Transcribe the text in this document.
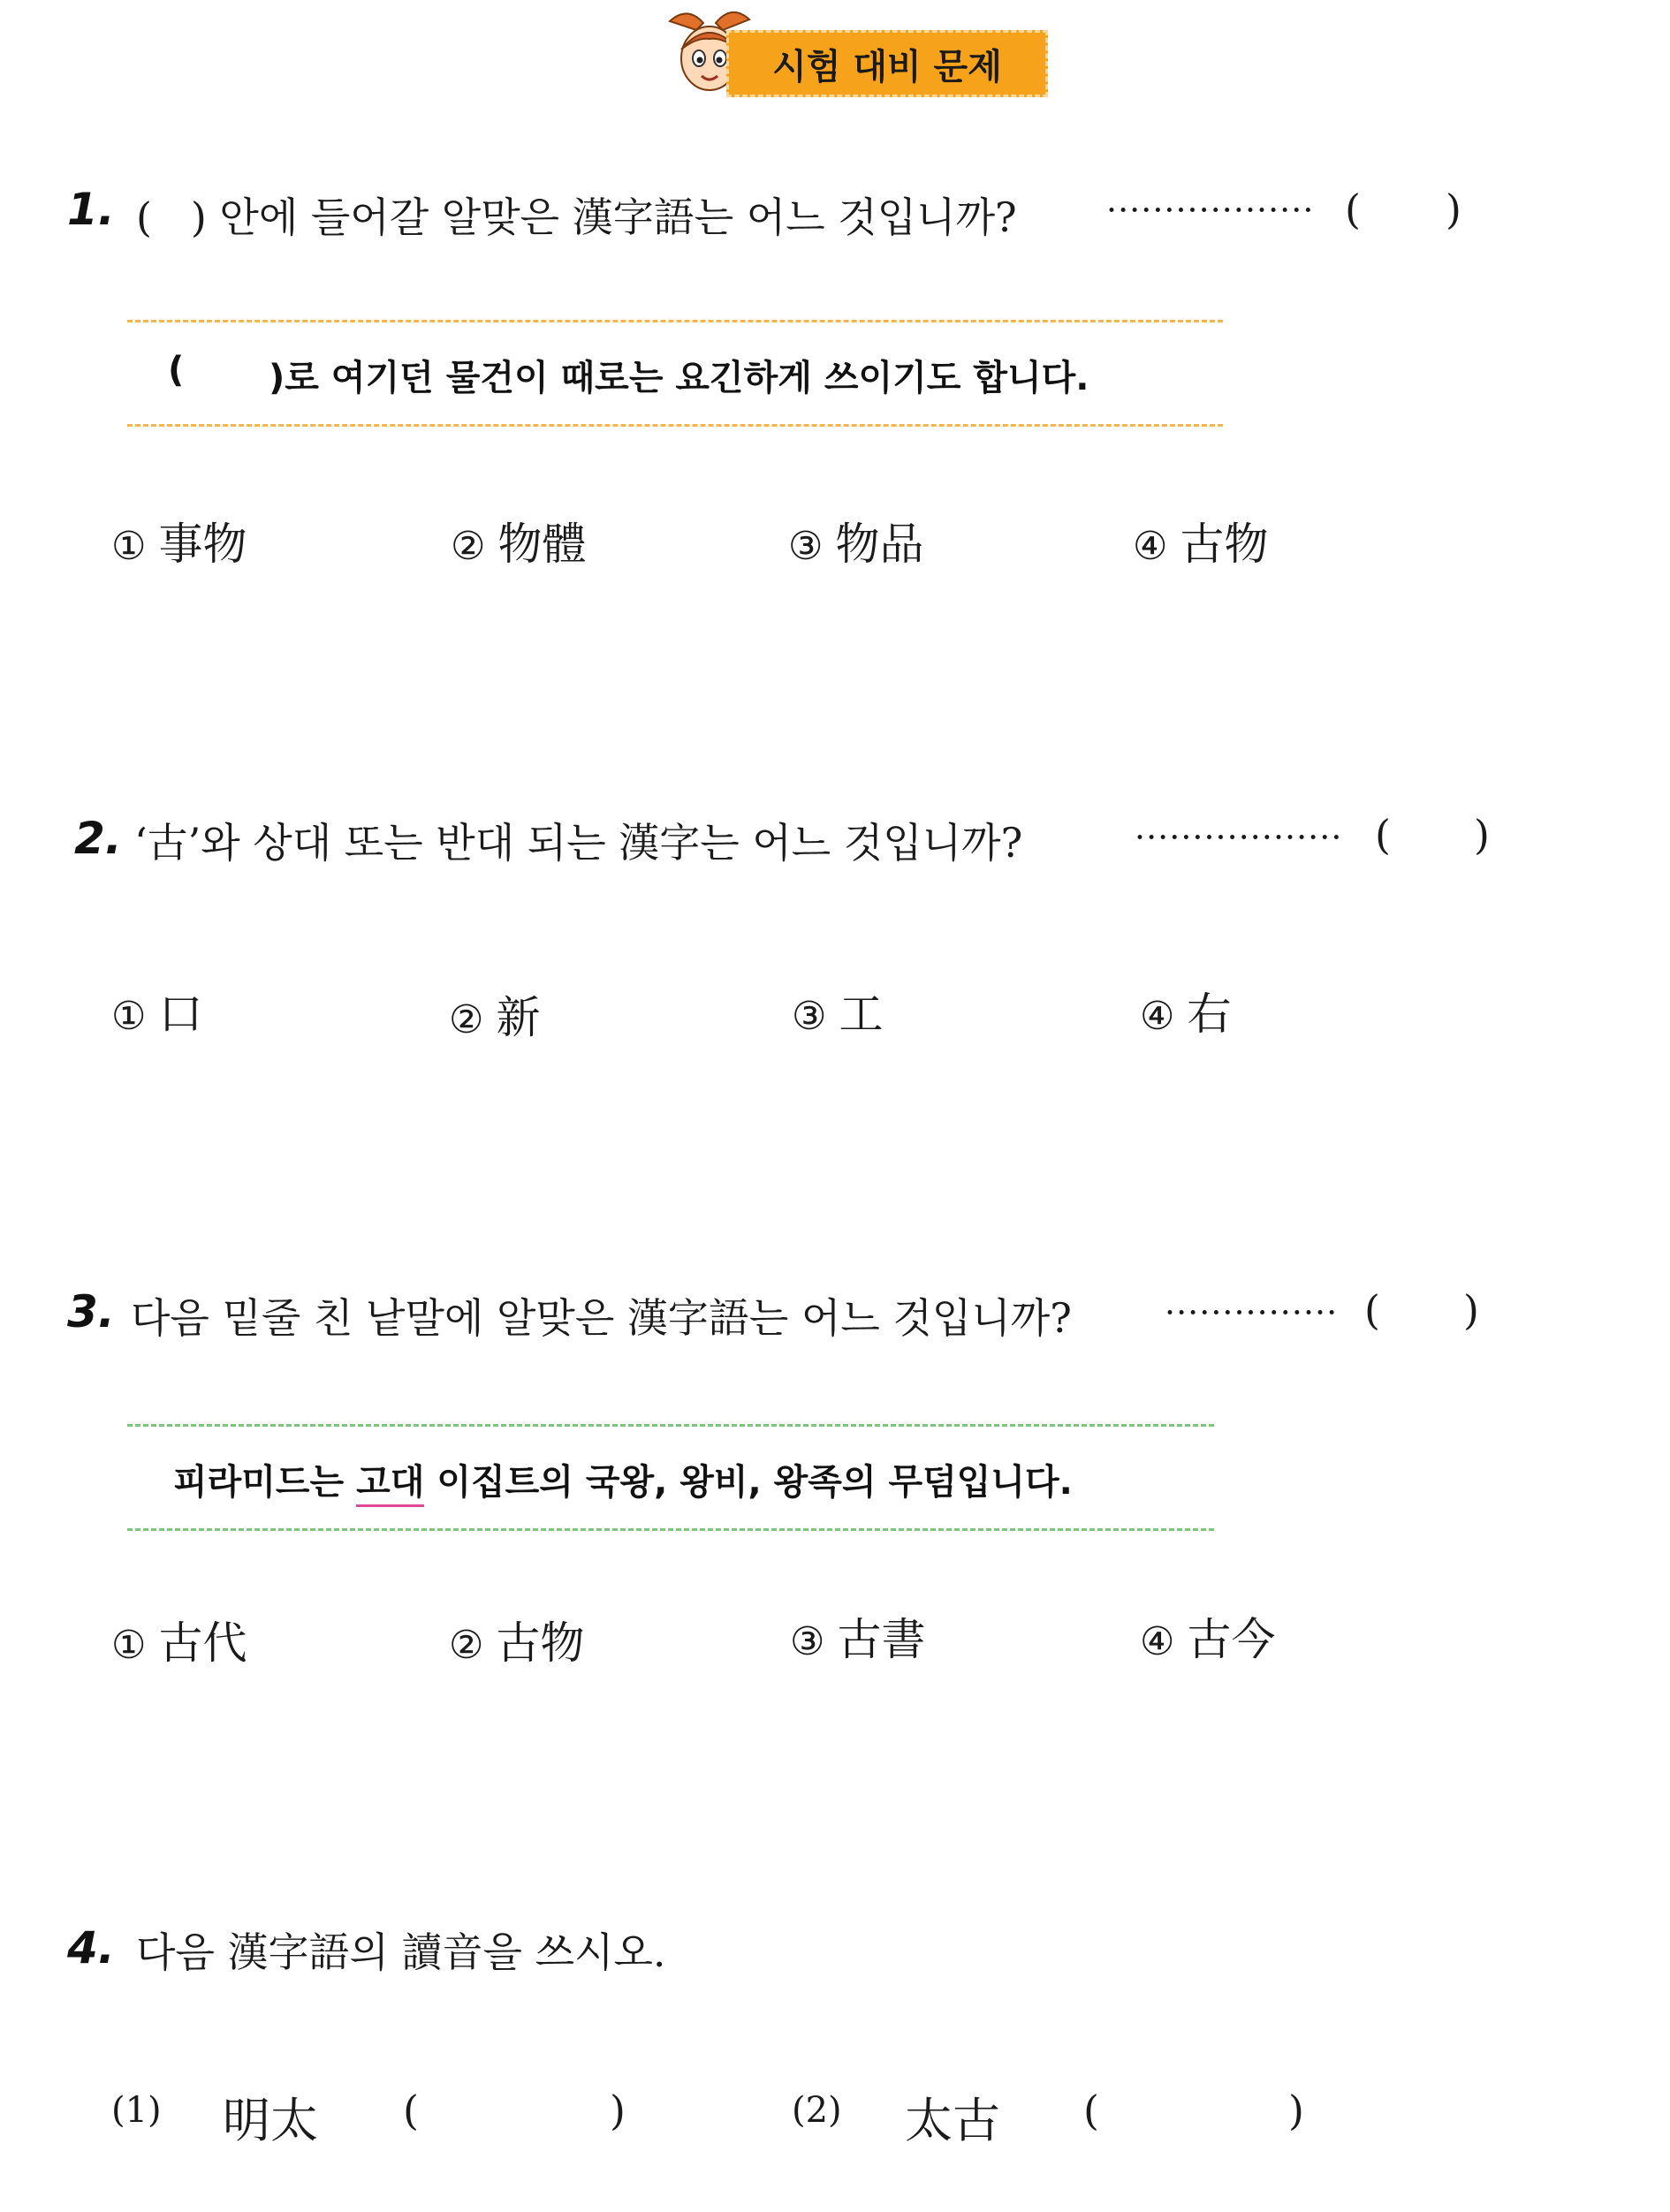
시험 대비 문제
1. (   ) 안에 들어갈 알맞은 漢字語는 어느 것입니까?	·················· ( )
( )로 여기던 물건이 때로는 요긴하게 쓰이기도 합니다.
① 事物	② 物體	③ 物品	④ 古物
2. ‘古’와 상대 또는 반대 되는 漢字는 어느 것입니까?	·················· ( )
① 口	② 新	③ 工	④ 右
3. 다음 밑줄 친 낱말에 알맞은 漢字語는 어느 것입니까?	··············· ( )
피라미드는 고대 이집트의 국왕, 왕비, 왕족의 무덤입니다.
① 古代	② 古物	③ 古書	④ 古今
4. 다음 漢字語의 讀音을 쓰시오.
(1) 明太 (	)	(2) 太古 (	)
